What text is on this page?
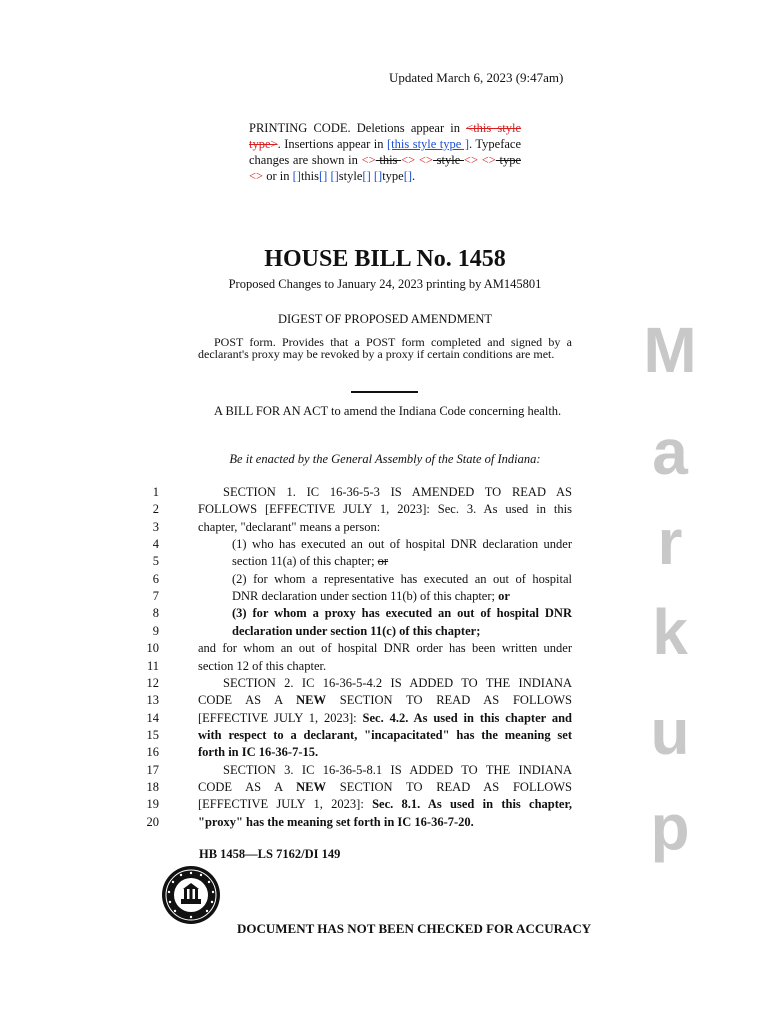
Updated March 6, 2023 (9:47am)
PRINTING CODE. Deletions appear in <this style type>. Insertions appear in [this style type ]. Typeface changes are shown in <> this <> <> style <> <> type <> or in []this[] []style[] []type[].
HOUSE BILL No. 1458
Proposed Changes to January 24, 2023 printing by AM145801
DIGEST OF PROPOSED AMENDMENT
POST form. Provides that a POST form completed and signed by a declarant's proxy may be revoked by a proxy if certain conditions are met.
A BILL FOR AN ACT to amend the Indiana Code concerning health.
Be it enacted by the General Assembly of the State of Indiana:
1	SECTION 1. IC 16-36-5-3 IS AMENDED TO READ AS
2	FOLLOWS [EFFECTIVE JULY 1, 2023]: Sec. 3. As used in this
3	chapter, "declarant" means a person:
4	(1) who has executed an out of hospital DNR declaration under
5	section 11(a) of this chapter; or
6	(2) for whom a representative has executed an out of hospital
7	DNR declaration under section 11(b) of this chapter; or
8	(3) for whom a proxy has executed an out of hospital DNR
9	declaration under section 11(c) of this chapter;
10	and for whom an out of hospital DNR order has been written under
11	section 12 of this chapter.
12	SECTION 2. IC 16-36-5-4.2 IS ADDED TO THE INDIANA
13	CODE AS A NEW SECTION TO READ AS FOLLOWS
14	[EFFECTIVE JULY 1, 2023]: Sec. 4.2. As used in this chapter and
15	with respect to a declarant, "incapacitated" has the meaning set
16	forth in IC 16-36-7-15.
17	SECTION 3. IC 16-36-5-8.1 IS ADDED TO THE INDIANA
18	CODE AS A NEW SECTION TO READ AS FOLLOWS
19	[EFFECTIVE JULY 1, 2023]: Sec. 8.1. As used in this chapter,
20	"proxy" has the meaning set forth in IC 16-36-7-20.
HB 1458—LS 7162/DI 149
DOCUMENT HAS NOT BEEN CHECKED FOR ACCURACY
M
a
r
k
u
p
